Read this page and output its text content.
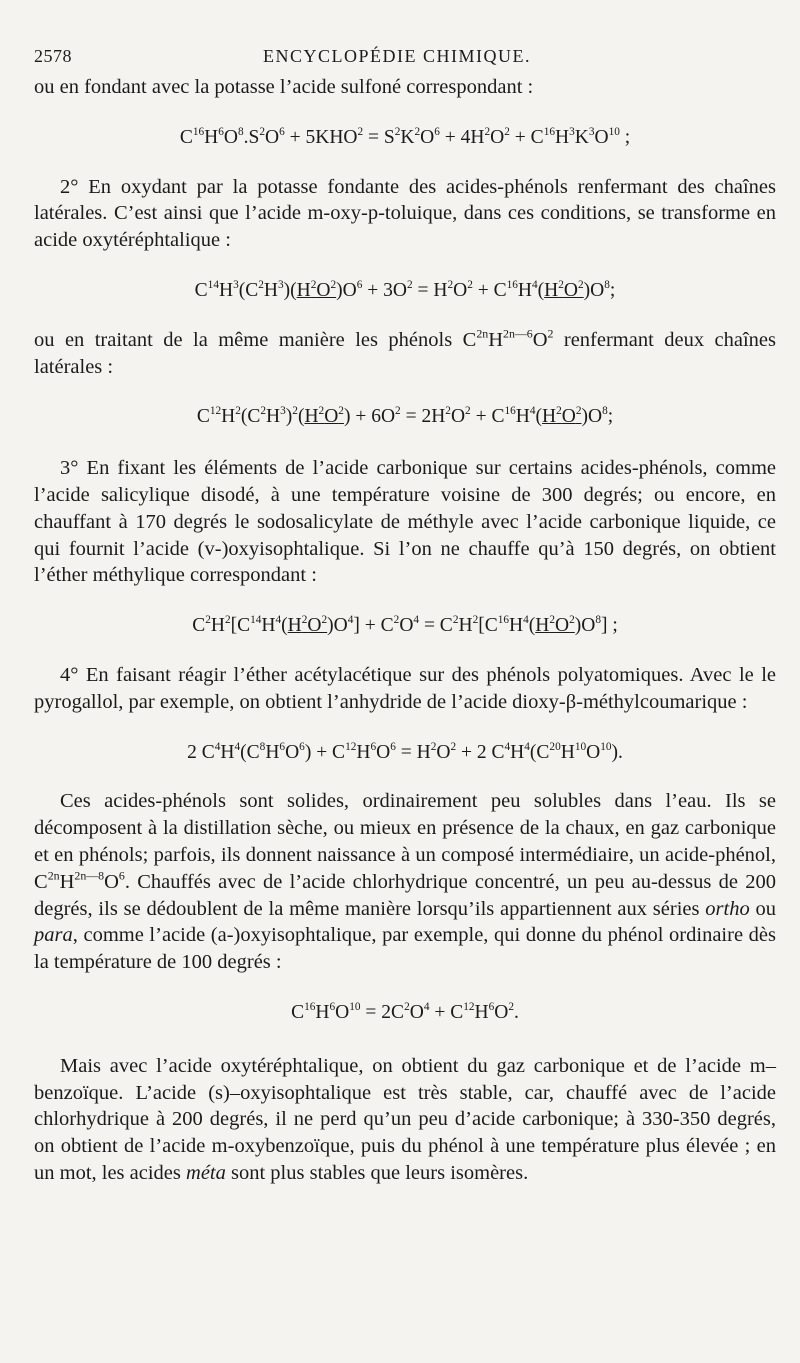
2578	ENCYCLOPÉDIE CHIMIQUE.

ou en fondant avec la potasse l’acide sulfoné correspondant :

$C^{16}H^6O^8.S^2O^6 + 5KHO^2 = S^2K^2O^6 + 4H^2O^2 + C^{16}H^3K^3O^{10}$ ;

2° En oxydant par la potasse fondante des acides-phénols renfermant des chaînes latérales. C’est ainsi que l’acide m-oxy-p-toluique, dans ces conditions, se transforme en acide oxytéréphtalique :

$C^{14}H^3(C^2H^3)(H^2O^2)O^6 + 3O^2 = H^2O^2 + C^{16}H^4(H^2O^2)O^8$;

ou en traitant de la même manière les phénols $C^{2n}H^{2n—6}O^2$ renfermant deux chaînes latérales :

$C^{12}H^2(C^2H^3)^2(H^2O^2) + 6O^2 = 2H^2O^2 + C^{16}H^4(H^2O^2)O^8$;

3° En fixant les éléments de l’acide carbonique sur certains acides-phénols, comme l’acide salicylique disodé, à une température voisine de 300 degrés; ou encore, en chauffant à 170 degrés le sodosalicylate de méthyle avec l’acide carbonique liquide, ce qui fournit l’acide (v-)oxyisophtalique. Si l’on ne chauffe qu’à 150 degrés, on obtient l’éther méthylique correspondant :

$C^2H^2[C^{14}H^4(H^2O^2)O^4] + C^2O^4 = C^2H^2[C^{16}H^4(H^2O^2)O^8]$ ;

4° En faisant réagir l’éther acétylacétique sur des phénols polyatomiques. Avec le le pyrogallol, par exemple, on obtient l’anhydride de l’acide dioxy-β-méthylcoumarique :

2 $C^4H^4(C^8H^6O^6) + C^{12}H^6O^6 = H^2O^2 + 2$ $C^4H^4(C^{20}H^{10}O^{10})$.

Ces acides-phénols sont solides, ordinairement peu solubles dans l’eau. Ils se décomposent à la distillation sèche, ou mieux en présence de la chaux, en gaz carbonique et en phénols; parfois, ils donnent naissance à un composé intermédiaire, un acide-phénol, $C^{2n}H^{2n—8}O^6$. Chauffés avec de l’acide chlorhydrique concentré, un peu au-dessus de 200 degrés, ils se dédoublent de la même manière lorsqu’ils appartiennent aux séries ortho ou para, comme l’acide (a-)oxyisophtalique, par exemple, qui donne du phénol ordinaire dès la température de 100 degrés :

$C^{16}H^6O^{10} = 2C^2O^4 + C^{12}H^6O^2$.

Mais avec l’acide oxytéréphtalique, on obtient du gaz carbonique et de l’acide m–benzoïque. L’acide (s)–oxyisophtalique est très stable, car, chauffé avec de l’acide chlorhydrique à 200 degrés, il ne perd qu’un peu d’acide carbonique; à 330-350 degrés, on obtient de l’acide m-oxybenzoïque, puis du phénol à une température plus élevée ; en un mot, les acides méta sont plus stables que leurs isomères.
